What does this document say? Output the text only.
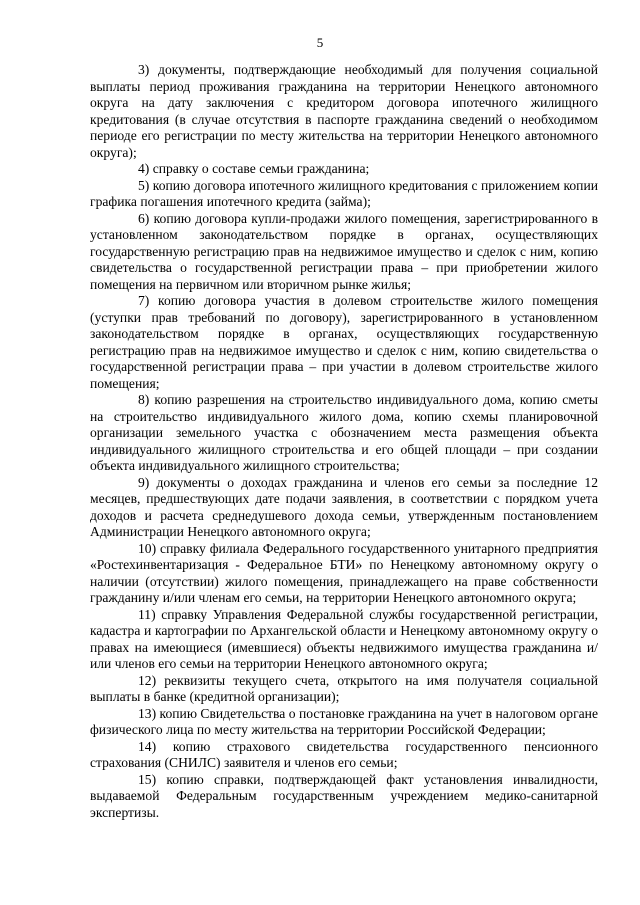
5

3) документы, подтверждающие необходимый для получения социальной выплаты период проживания гражданина на территории Ненецкого автономного округа на дату заключения с кредитором договора ипотечного жилищного кредитования (в случае отсутствия в паспорте гражданина сведений о необходимом периоде его регистрации по месту жительства на территории Ненецкого автономного округа);

4) справку о составе семьи гражданина;

5) копию договора ипотечного жилищного кредитования с приложением копии графика погашения ипотечного кредита (займа);

6) копию договора купли-продажи жилого помещения, зарегистрированного в установленном законодательством порядке в органах, осуществляющих государственную регистрацию прав на недвижимое имущество и сделок с ним, копию свидетельства о государственной регистрации права – при приобретении жилого помещения на первичном или вторичном рынке жилья;

7) копию договора участия в долевом строительстве жилого помещения (уступки прав требований по договору), зарегистрированного в установленном законодательством порядке в органах, осуществляющих государственную регистрацию прав на недвижимое имущество и сделок с ним, копию свидетельства о государственной регистрации права – при участии в долевом строительстве жилого помещения;

8) копию разрешения на строительство индивидуального дома, копию сметы на строительство индивидуального жилого дома, копию схемы планировочной организации земельного участка с обозначением места размещения объекта индивидуального жилищного строительства и его общей площади – при создании объекта индивидуального жилищного строительства;

9) документы о доходах гражданина и членов его семьи за последние 12 месяцев, предшествующих дате подачи заявления, в соответствии с порядком учета доходов и расчета среднедушевого дохода семьи, утвержденным постановлением Администрации Ненецкого автономного округа;

10) справку филиала Федерального государственного унитарного предприятия «Ростехинвентаризация - Федеральное БТИ» по Ненецкому автономному округу о наличии (отсутствии) жилого помещения, принадлежащего на праве собственности гражданину и/или членам его семьи, на территории Ненецкого автономного округа;

11) справку Управления Федеральной службы государственной регистрации, кадастра и картографии по Архангельской области и Ненецкому автономному округу о правах на имеющиеся (имевшиеся) объекты недвижимого имущества гражданина и/или членов его семьи на территории Ненецкого автономного округа;

12) реквизиты текущего счета, открытого на имя получателя социальной выплаты в банке (кредитной организации);

13) копию Свидетельства о постановке гражданина на учет в налоговом органе физического лица по месту жительства на территории Российской Федерации;

14) копию страхового свидетельства государственного пенсионного страхования (СНИЛС) заявителя и членов его семьи;

15) копию справки, подтверждающей факт установления инвалидности, выдаваемой Федеральным государственным учреждением медико-санитарной экспертизы.
